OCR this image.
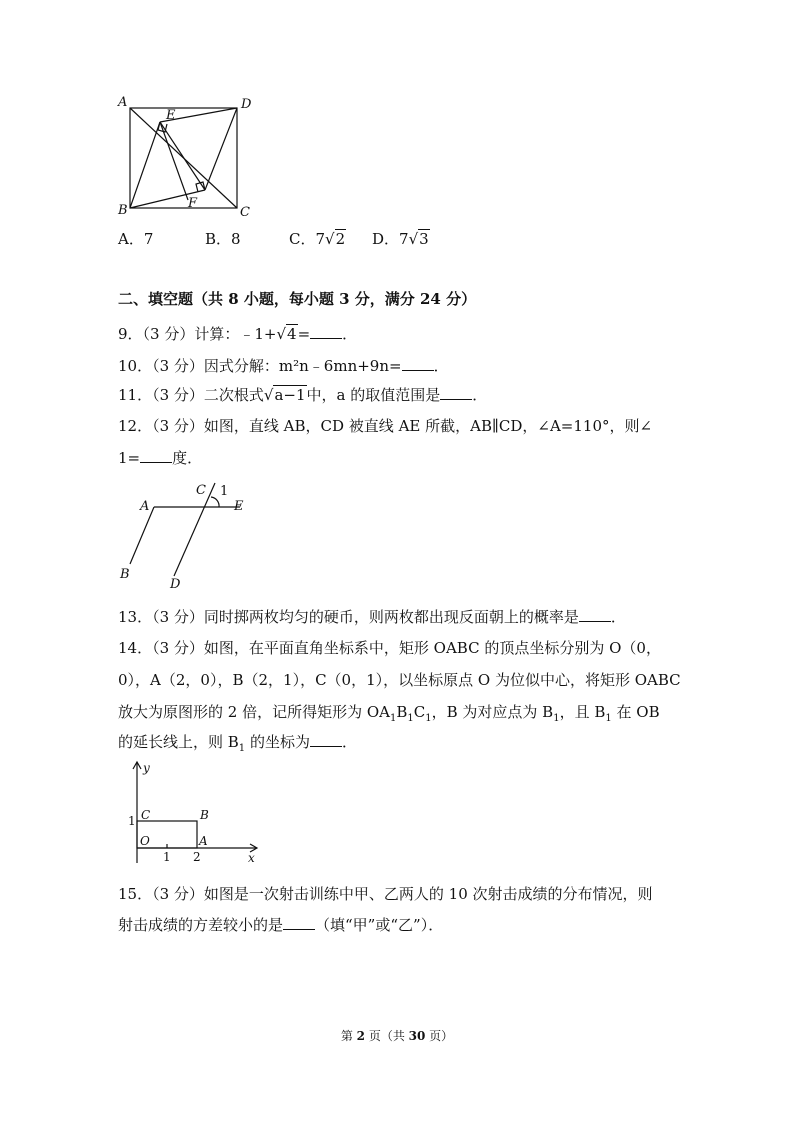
A	D
E
B	F
C
A．7	B．8	C．7√2 D．7√3
二、填空题（共 8 小题，每小题 3 分，满分 24 分）
9．（3 分）计算：﹣1+√4= ．
10．（3 分）因式分解：m²n﹣6mn+9n= ．
11．（3 分）二次根式√a−1中，a 的取值范围是 ．
12．（3 分）如图，直线 AB，CD 被直线 AE 所截，AB∥CD，∠A=110°，则∠
1= 度．
A
C
E
B
D
1
13．（3 分）同时掷两枚均匀的硬币，则两枚都出现反面朝上的概率是 ．
14．（3 分）如图，在平面直角坐标系中，矩形 OABC 的顶点坐标分别为 O（0，
0），A（2，0），B（2，1），C（0，1），以坐标原点 O 为位似中心，将矩形 OABC
放大为原图形的 2 倍，记所得矩形为 $OA_1B_1C_1$，B 为对应点为 $B_1$，且 $B_1$ 在 OB
的延长线上，则 $B_1$ 的坐标为 ．
y
x
C	B
O	A
1
1 2
15．（3 分）如图是一次射击训练中甲、乙两人的 10 次射击成绩的分布情况，则
射击成绩的方差较小的是 （填“甲”或“乙”）．
第 2 页（共 30 页）
